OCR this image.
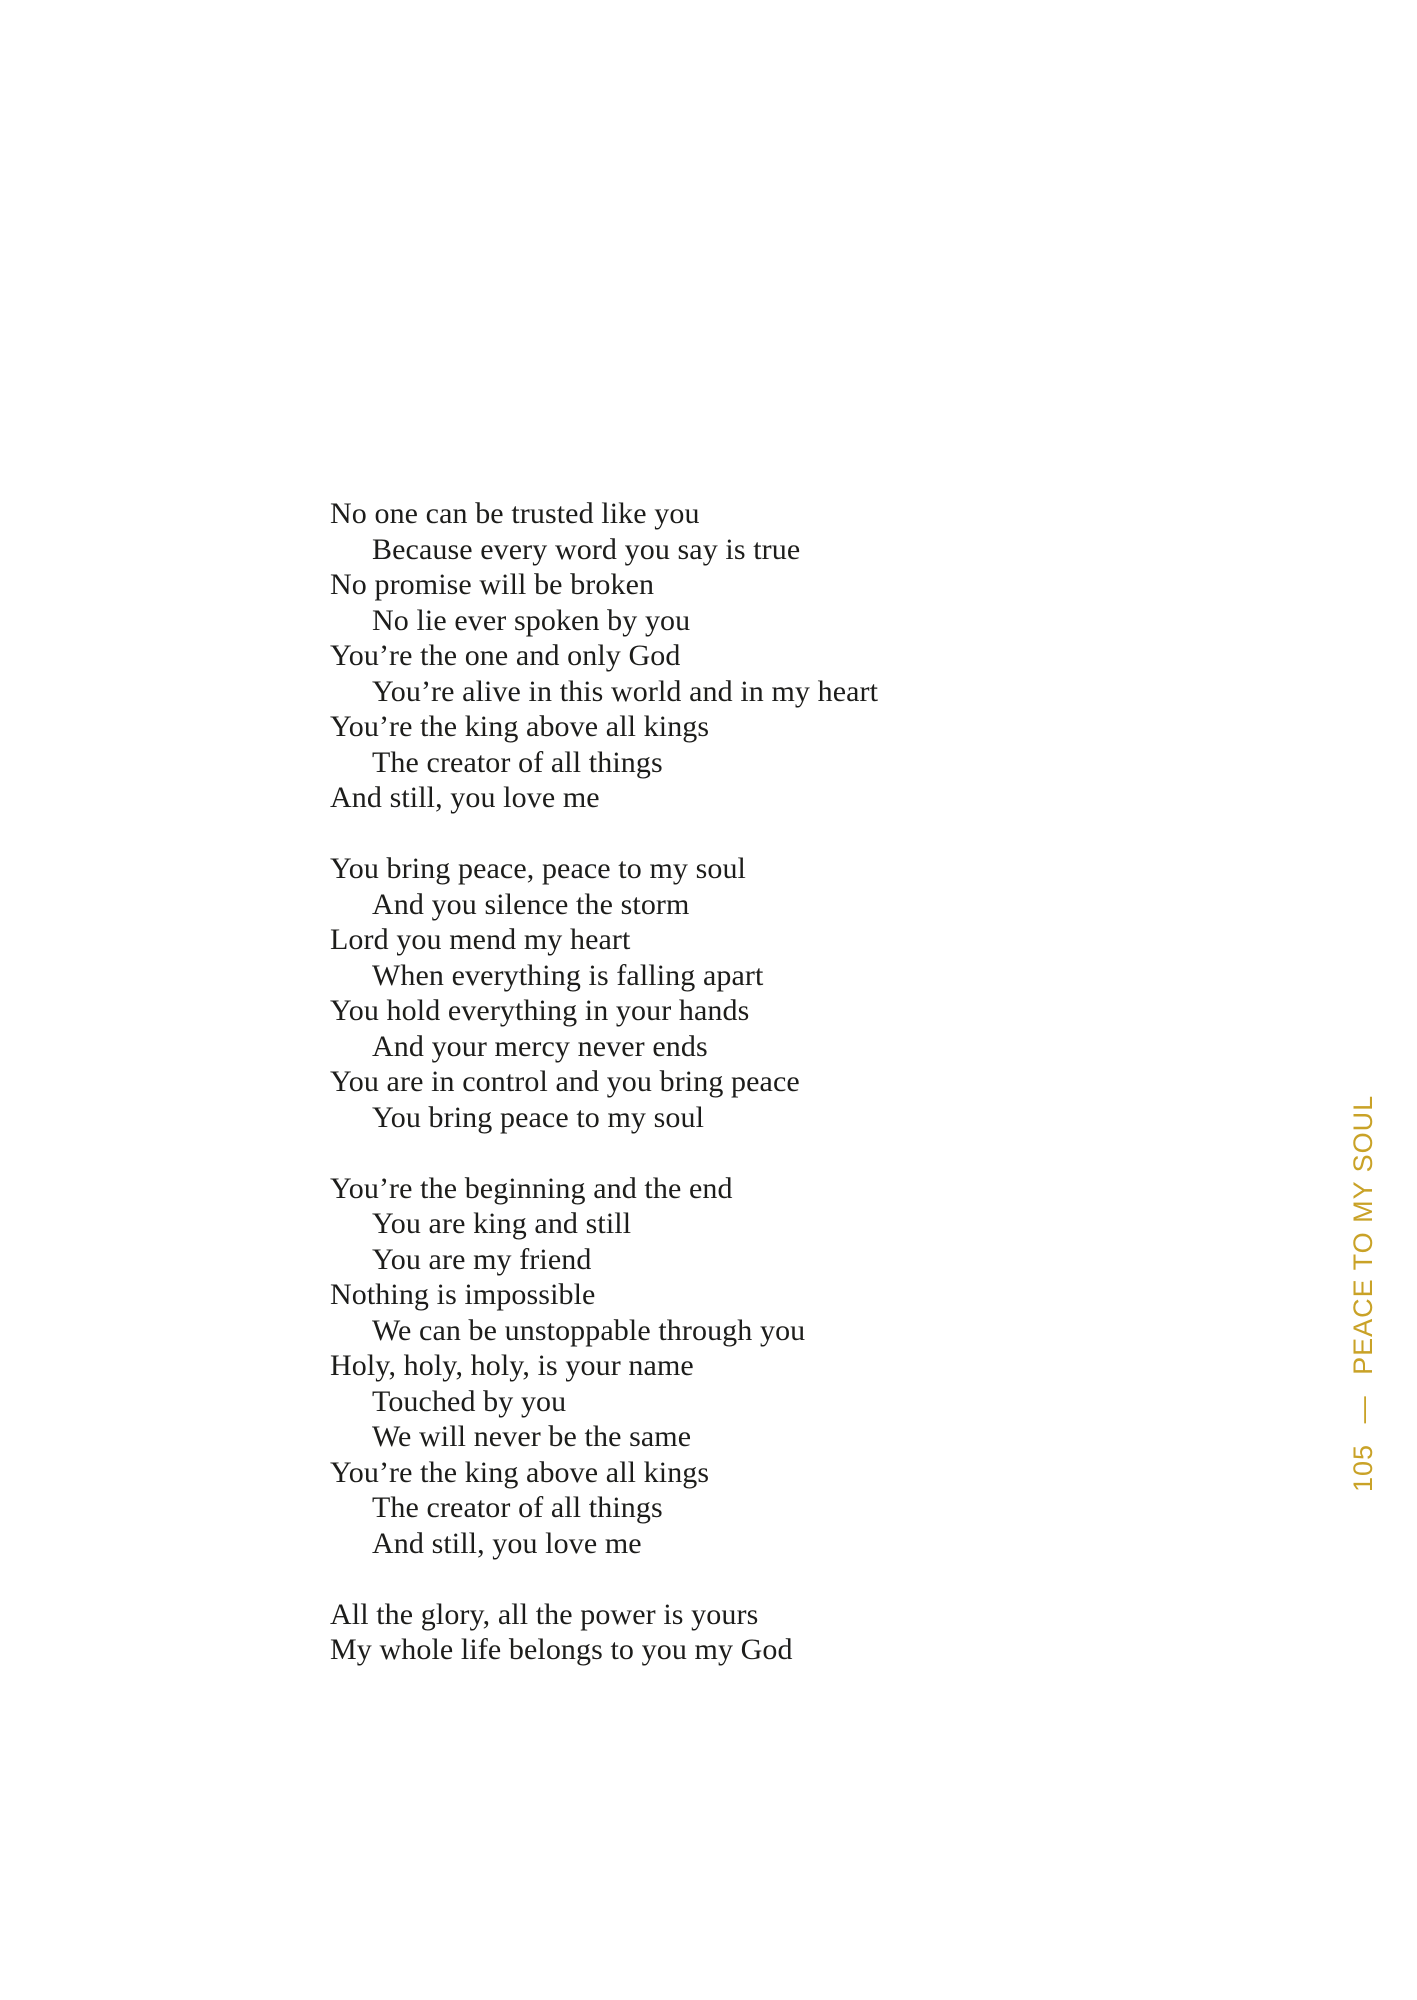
No one can be trusted like you
Because every word you say is true
No promise will be broken
No lie ever spoken by you
You’re the one and only God
You’re alive in this world and in my heart
You’re the king above all kings
The creator of all things
And still, you love me
You bring peace, peace to my soul
And you silence the storm
Lord you mend my heart
When everything is falling apart
You hold everything in your hands
And your mercy never ends
You are in control and you bring peace
You bring peace to my soul
You’re the beginning and the end
You are king and still
You are my friend
Nothing is impossible
We can be unstoppable through you
Holy, holy, holy, is your name
Touched by you
We will never be the same
You’re the king above all kings
The creator of all things
And still, you love me
All the glory, all the power is yours
My whole life belongs to you my God
105 — PEACE TO MY SOUL
